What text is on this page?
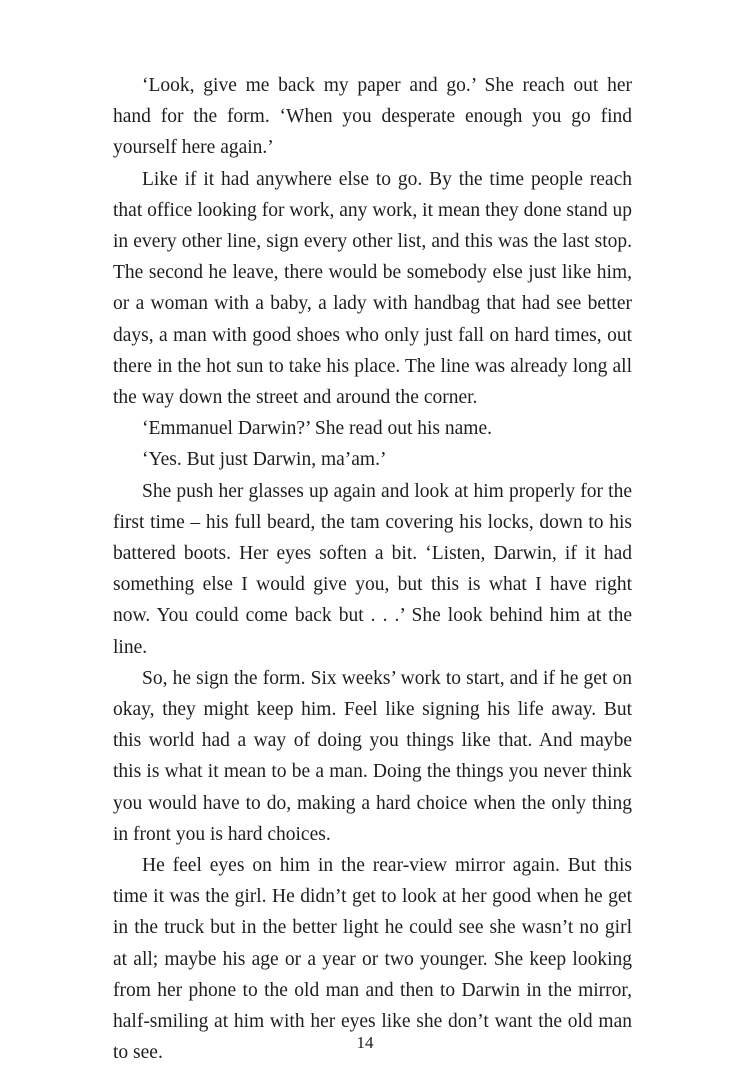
‘Look, give me back my paper and go.’ She reach out her hand for the form. ‘When you desperate enough you go find yourself here again.’

Like if it had anywhere else to go. By the time people reach that office looking for work, any work, it mean they done stand up in every other line, sign every other list, and this was the last stop. The second he leave, there would be somebody else just like him, or a woman with a baby, a lady with handbag that had see better days, a man with good shoes who only just fall on hard times, out there in the hot sun to take his place. The line was already long all the way down the street and around the corner.

‘Emmanuel Darwin?’ She read out his name.

‘Yes. But just Darwin, ma’am.’

She push her glasses up again and look at him properly for the first time – his full beard, the tam covering his locks, down to his battered boots. Her eyes soften a bit. ‘Listen, Darwin, if it had something else I would give you, but this is what I have right now. You could come back but . . .’ She look behind him at the line.

So, he sign the form. Six weeks’ work to start, and if he get on okay, they might keep him. Feel like signing his life away. But this world had a way of doing you things like that. And maybe this is what it mean to be a man. Doing the things you never think you would have to do, making a hard choice when the only thing in front you is hard choices.

He feel eyes on him in the rear-view mirror again. But this time it was the girl. He didn’t get to look at her good when he get in the truck but in the better light he could see she wasn’t no girl at all; maybe his age or a year or two younger. She keep looking from her phone to the old man and then to Darwin in the mirror, half-smiling at him with her eyes like she don’t want the old man to see.	14
